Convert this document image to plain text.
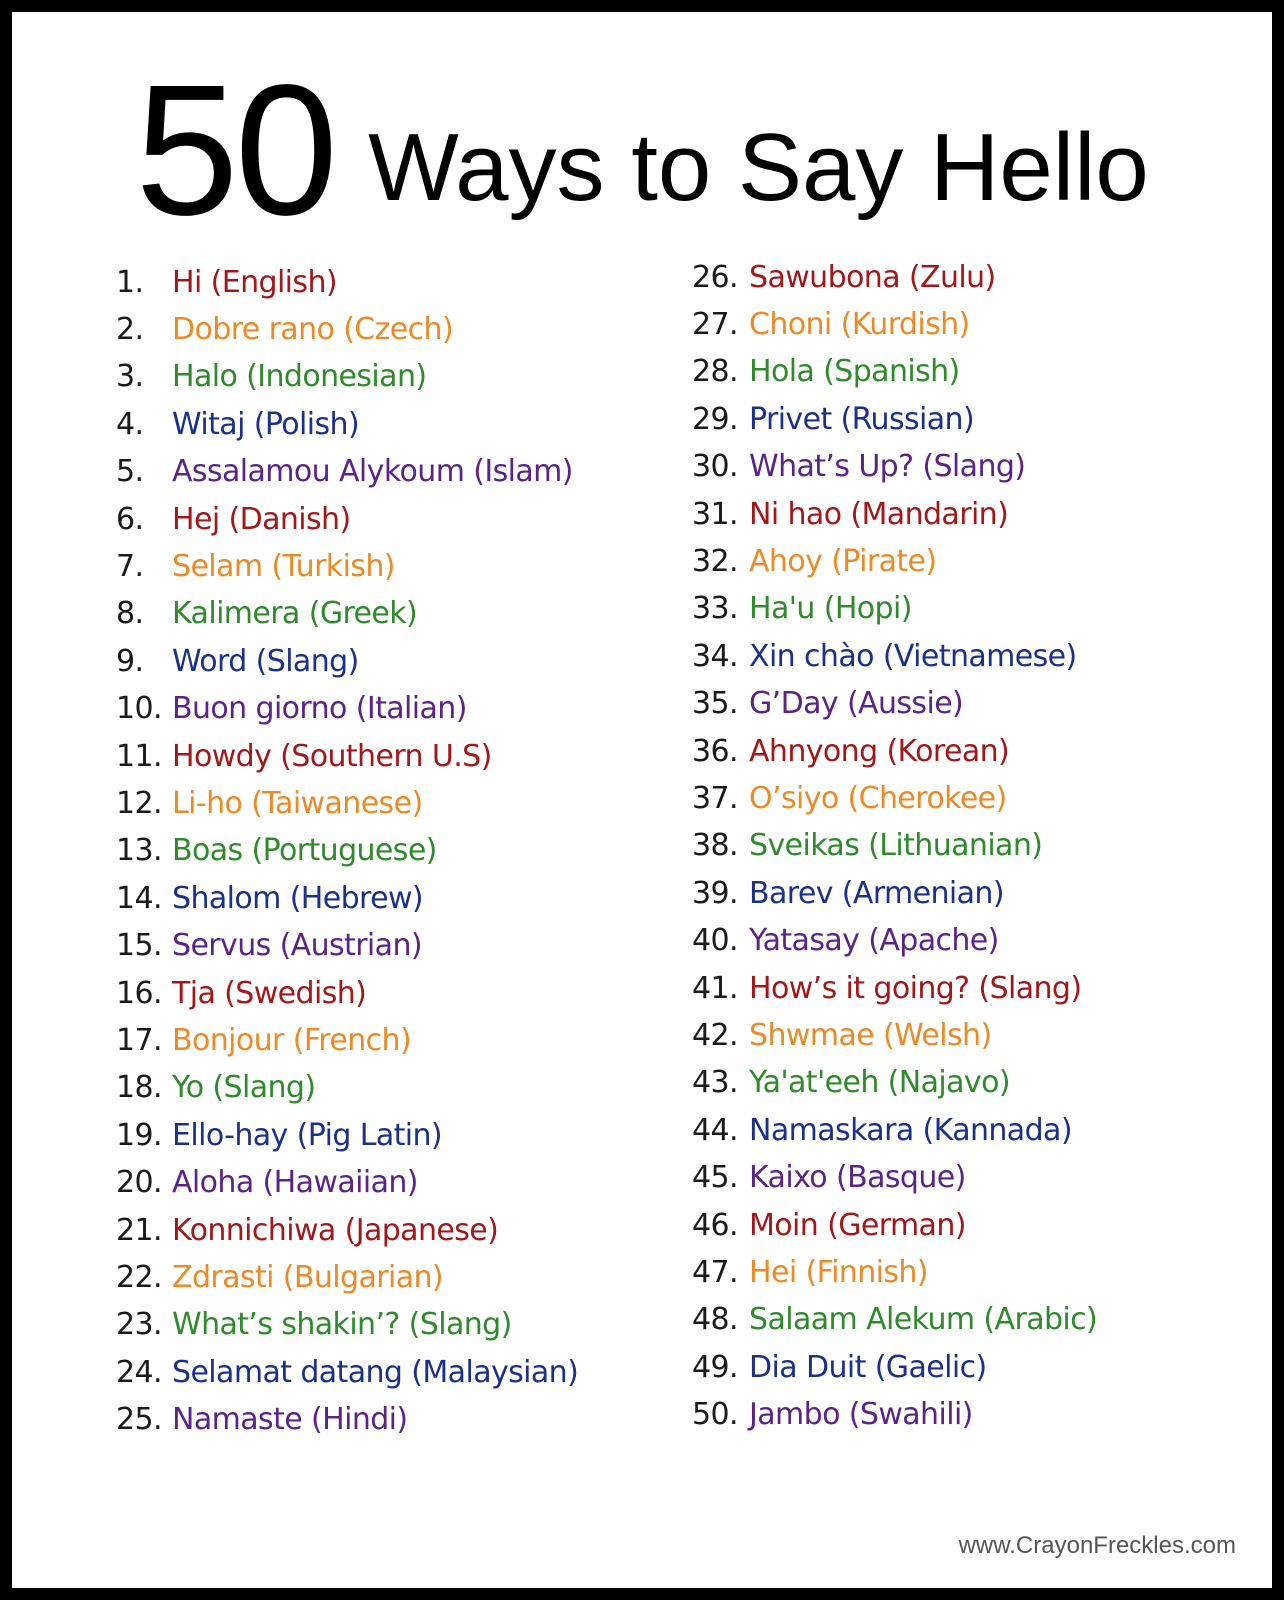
50 Ways to Say Hello
1. Hi (English)
2. Dobre rano (Czech)
3. Halo (Indonesian)
4. Witaj (Polish)
5. Assalamou Alykoum (Islam)
6. Hej (Danish)
7. Selam (Turkish)
8. Kalimera (Greek)
9. Word (Slang)
10. Buon giorno (Italian)
11. Howdy (Southern U.S)
12. Li-ho (Taiwanese)
13. Boas (Portuguese)
14. Shalom (Hebrew)
15. Servus (Austrian)
16. Tja (Swedish)
17. Bonjour (French)
18. Yo (Slang)
19. Ello-hay (Pig Latin)
20. Aloha (Hawaiian)
21. Konnichiwa (Japanese)
22. Zdrasti (Bulgarian)
23. What’s shakin’? (Slang)
24. Selamat datang (Malaysian)
25. Namaste (Hindi)
26. Sawubona (Zulu)
27. Choni (Kurdish)
28. Hola (Spanish)
29. Privet (Russian)
30. What’s Up? (Slang)
31. Ni hao (Mandarin)
32. Ahoy (Pirate)
33. Ha'u (Hopi)
34. Xin chào (Vietnamese)
35. G’Day (Aussie)
36. Ahnyong (Korean)
37. O’siyo (Cherokee)
38. Sveikas (Lithuanian)
39. Barev (Armenian)
40. Yatasay (Apache)
41. How’s it going? (Slang)
42. Shwmae (Welsh)
43. Ya'at'eeh (Najavo)
44. Namaskara (Kannada)
45. Kaixo (Basque)
46. Moin (German)
47. Hei (Finnish)
48. Salaam Alekum (Arabic)
49. Dia Duit (Gaelic)
50. Jambo (Swahili)
www.CrayonFreckles.com
